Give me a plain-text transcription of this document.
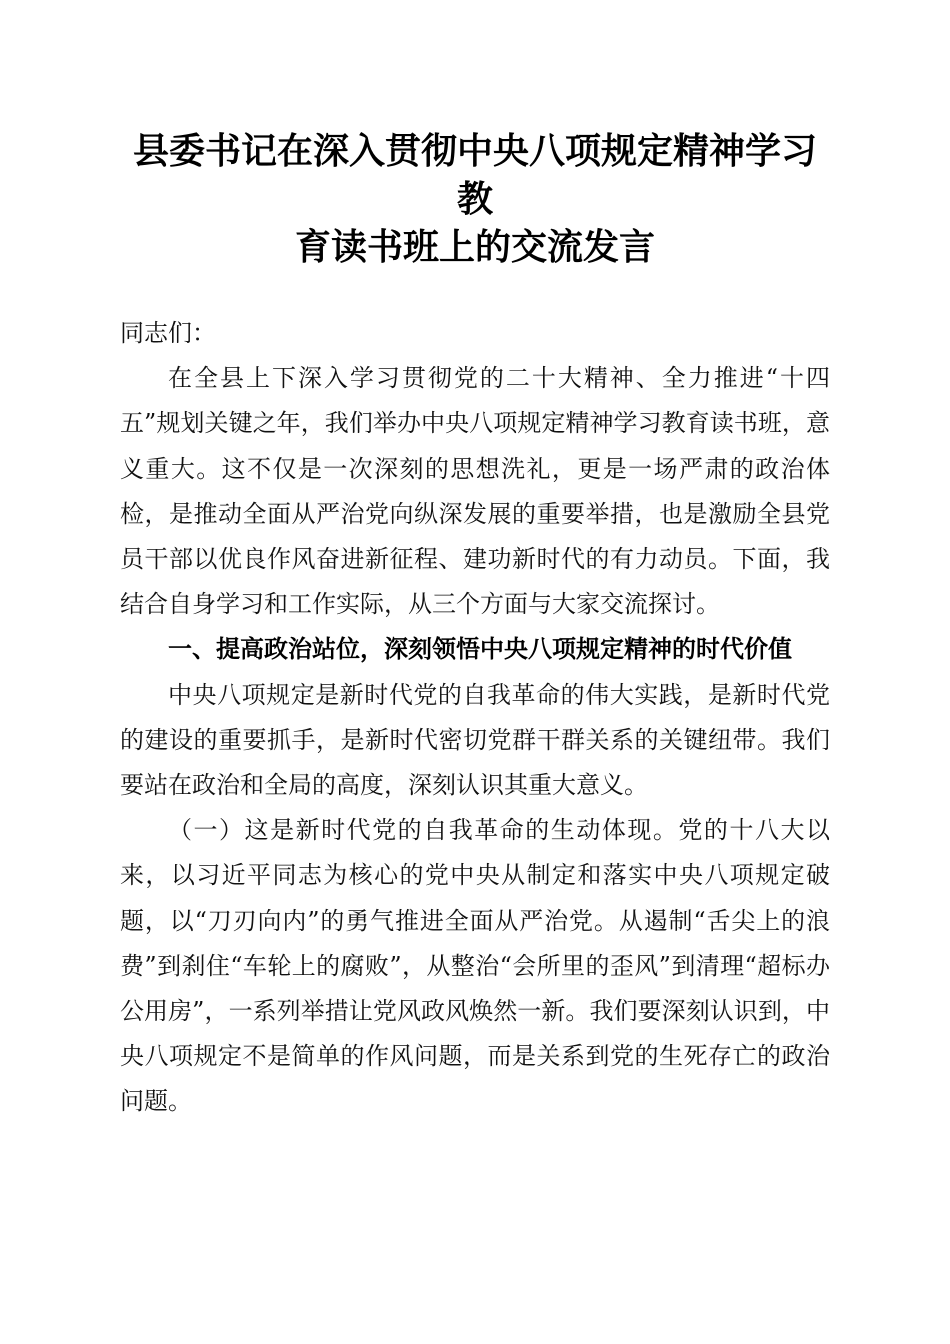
县委书记在深入贯彻中央八项规定精神学习教
育读书班上的交流发言

同志们：

在全县上下深入学习贯彻党的二十大精神、全力推进“十四五”规划关键之年，我们举办中央八项规定精神学习教育读书班，意义重大。这不仅是一次深刻的思想洗礼，更是一场严肃的政治体检，是推动全面从严治党向纵深发展的重要举措，也是激励全县党员干部以优良作风奋进新征程、建功新时代的有力动员。下面，我结合自身学习和工作实际，从三个方面与大家交流探讨。

一、提高政治站位，深刻领悟中央八项规定精神的时代价值

中央八项规定是新时代党的自我革命的伟大实践，是新时代党的建设的重要抓手，是新时代密切党群干群关系的关键纽带。我们要站在政治和全局的高度，深刻认识其重大意义。

（一）这是新时代党的自我革命的生动体现。党的十八大以来，以习近平同志为核心的党中央从制定和落实中央八项规定破题，以“刀刃向内”的勇气推进全面从严治党。从遏制“舌尖上的浪费”到刹住“车轮上的腐败”，从整治“会所里的歪风”到清理“超标办公用房”，一系列举措让党风政风焕然一新。我们要深刻认识到，中央八项规定不是简单的作风问题，而是关系到党的生死存亡的政治问题。
